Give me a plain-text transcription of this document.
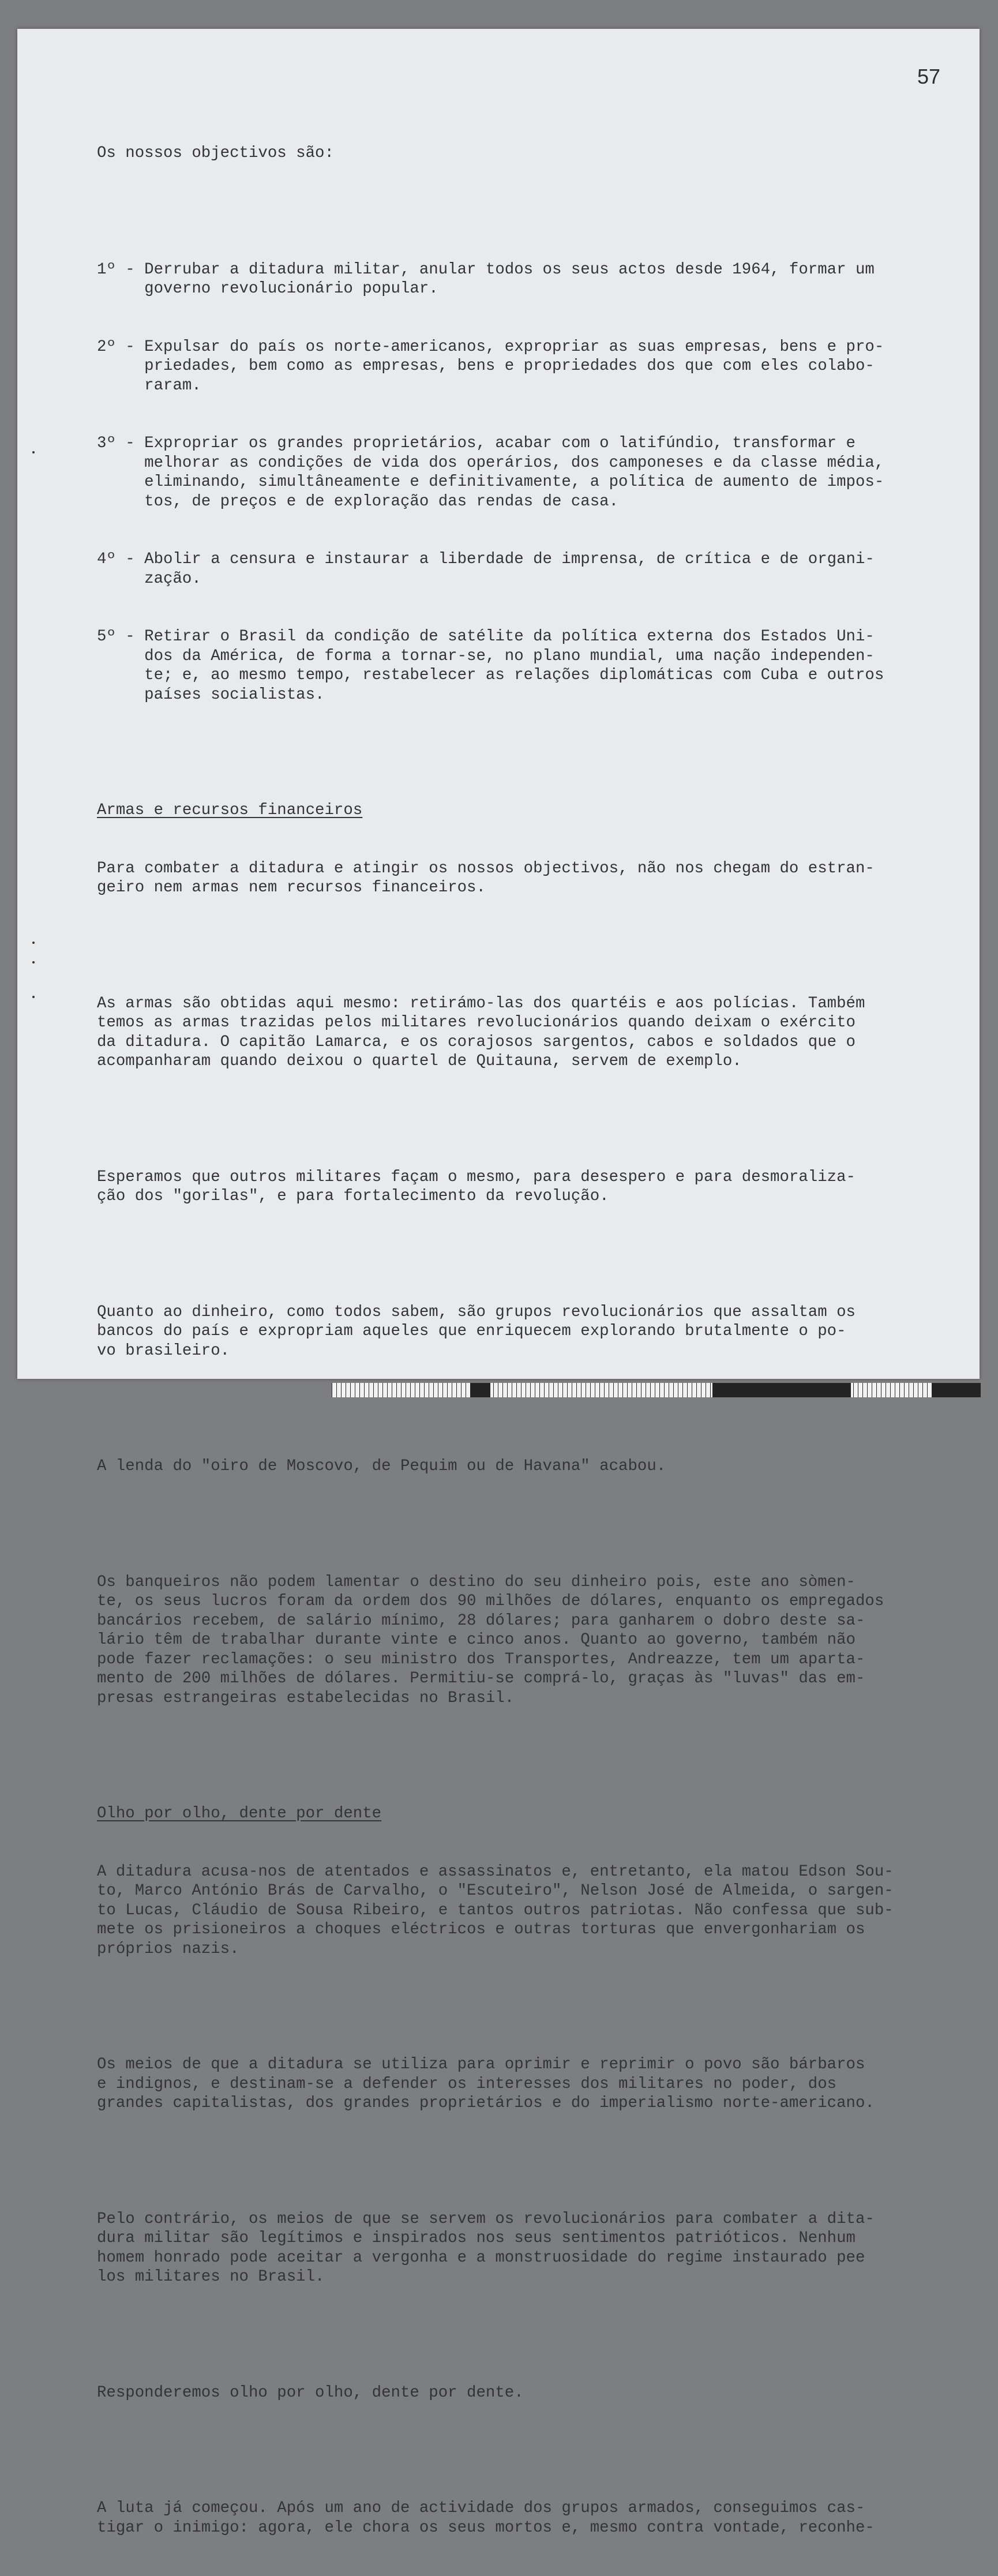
57

Os nossos objectivos são:

1º - Derrubar a ditadura militar, anular todos os seus actos desde 1964, formar um
governo revolucionário popular.

2º - Expulsar do país os norte-americanos, expropriar as suas empresas, bens e pro-
priedades, bem como as empresas, bens e propriedades dos que com eles colabo-
raram.

3º - Expropriar os grandes proprietários, acabar com o latifúndio, transformar e
melhorar as condições de vida dos operários, dos camponeses e da classe média,
eliminando, simultâneamente e definitivamente, a política de aumento de impos-
tos, de preços e de exploração das rendas de casa.

4º - Abolir a censura e instaurar a liberdade de imprensa, de crítica e de organi-
zação.

5º - Retirar o Brasil da condição de satélite da política externa dos Estados Uni-
dos da América, de forma a tornar-se, no plano mundial, uma nação independen-
te; e, ao mesmo tempo, restabelecer as relações diplomáticas com Cuba e outros
países socialistas.

Armas e recursos financeiros

Para combater a ditadura e atingir os nossos objectivos, não nos chegam do estran-
geiro nem armas nem recursos financeiros.

As armas são obtidas aqui mesmo: retirámo-las dos quartéis e aos polícias. Também
temos as armas trazidas pelos militares revolucionários quando deixam o exército
da ditadura. O capitão Lamarca, e os corajosos sargentos, cabos e soldados que o
acompanharam quando deixou o quartel de Quitauna, servem de exemplo.

Esperamos que outros militares façam o mesmo, para desespero e para desmoraliza-
ção dos "gorilas", e para fortalecimento da revolução.

Quanto ao dinheiro, como todos sabem, são grupos revolucionários que assaltam os
bancos do país e expropriam aqueles que enriquecem explorando brutalmente o po-
vo brasileiro.

A lenda do "oiro de Moscovo, de Pequim ou de Havana" acabou.

Os banqueiros não podem lamentar o destino do seu dinheiro pois, este ano sòmen-
te, os seus lucros foram da ordem dos 90 milhões de dólares, enquanto os empregados
bancários recebem, de salário mínimo, 28 dólares; para ganharem o dobro deste sa-
lário têm de trabalhar durante vinte e cinco anos. Quanto ao governo, também não
pode fazer reclamações: o seu ministro dos Transportes, Andreazze, tem um aparta-
mento de 200 milhões de dólares. Permitiu-se comprá-lo, graças às "luvas" das em-
presas estrangeiras estabelecidas no Brasil.

Olho por olho, dente por dente

A ditadura acusa-nos de atentados e assassinatos e, entretanto, ela matou Edson Sou-
to, Marco António Brás de Carvalho, o "Escuteiro", Nelson José de Almeida, o sargen-
to Lucas, Cláudio de Sousa Ribeiro, e tantos outros patriotas. Não confessa que sub-
mete os prisioneiros a choques eléctricos e outras torturas que envergonhariam os
próprios nazis.

Os meios de que a ditadura se utiliza para oprimir e reprimir o povo são bárbaros
e indignos, e destinam-se a defender os interesses dos militares no poder, dos
grandes capitalistas, dos grandes proprietários e do imperialismo norte-americano.

Pelo contrário, os meios de que se servem os revolucionários para combater a dita-
dura militar são legítimos e inspirados nos seus sentimentos patrióticos. Nenhum
homem honrado pode aceitar a vergonha e a monstruosidade do regime instaurado pee
los militares no Brasil.

Responderemos olho por olho, dente por dente.

A luta já começou. Após um ano de actividade dos grupos armados, conseguimos cas-
tigar o inimigo: agora, ele chora os seus mortos e, mesmo contra vontade, reconhe-
